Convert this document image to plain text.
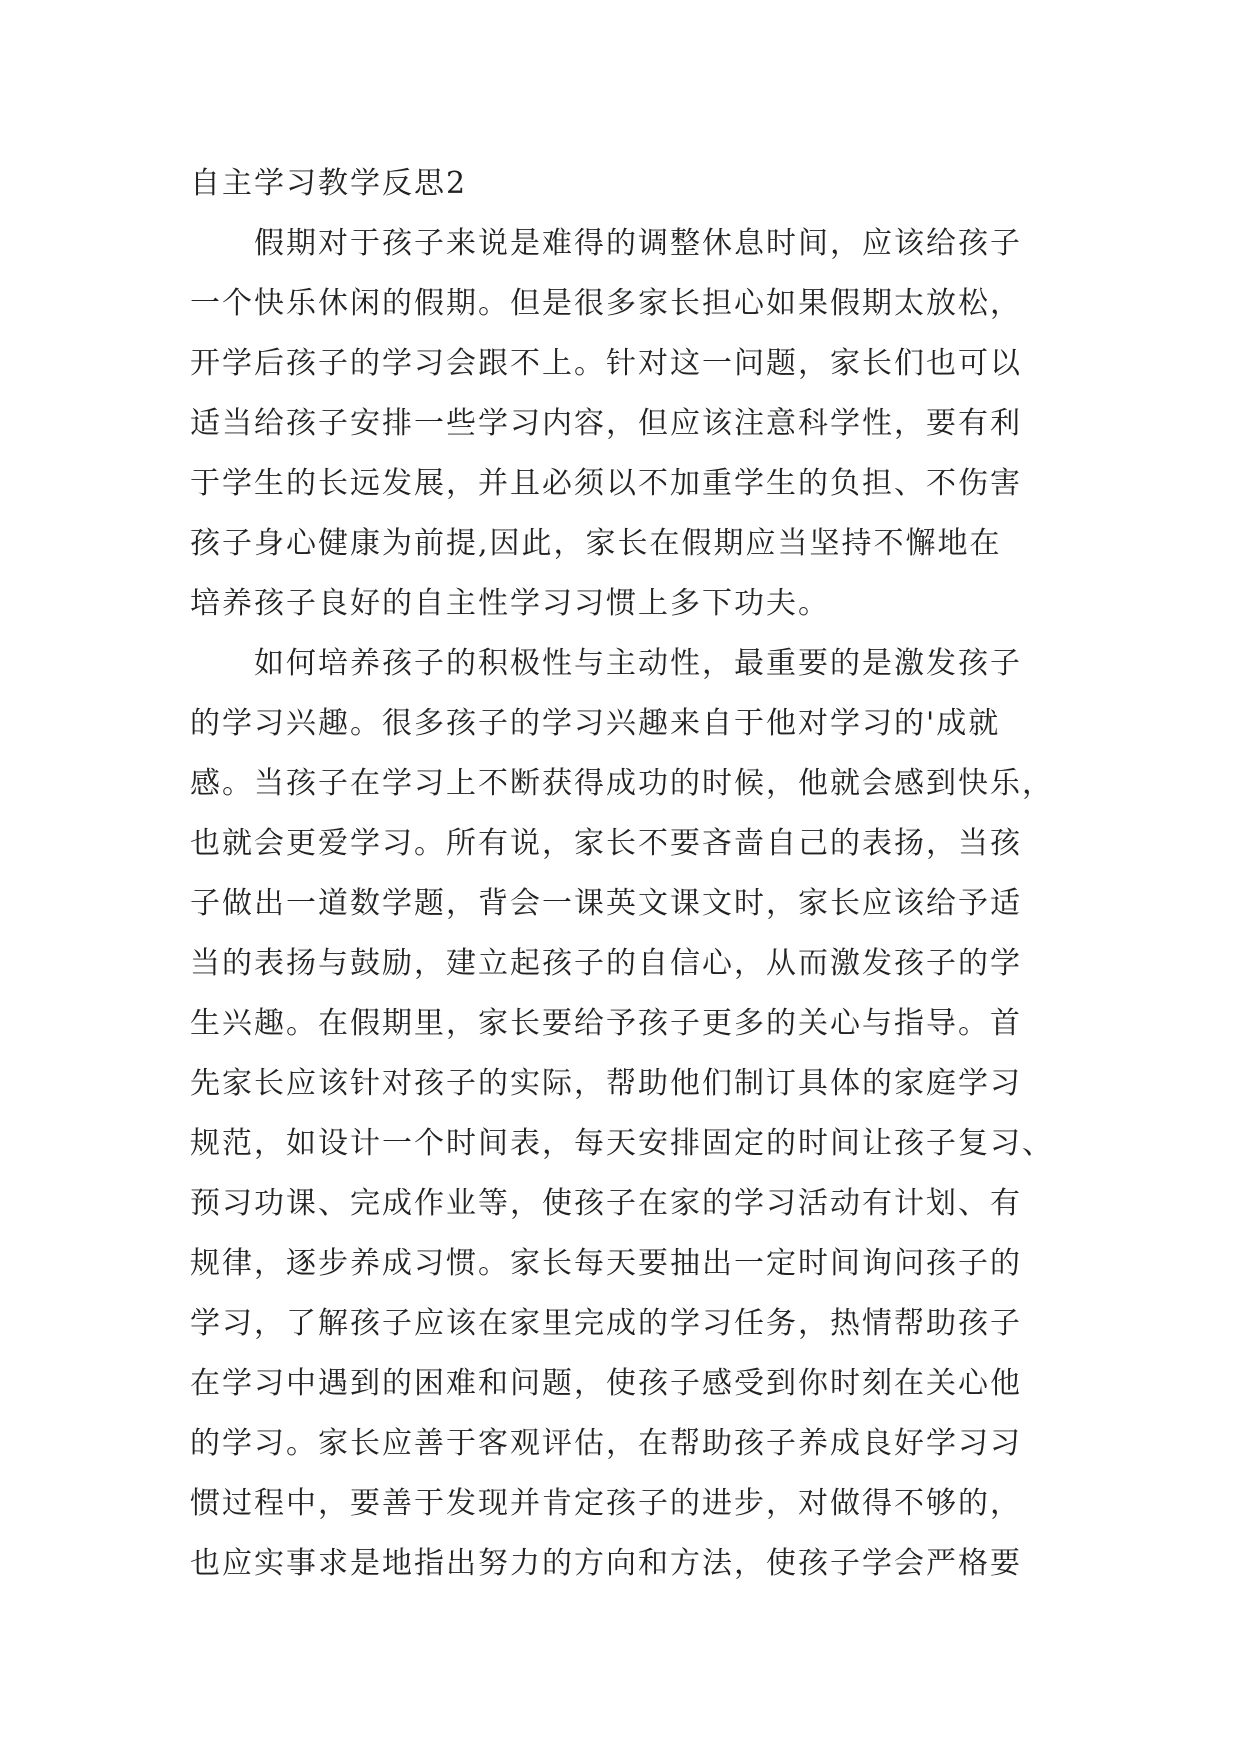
自主学习教学反思2
　　假期对于孩子来说是难得的调整休息时间，应该给孩子
一个快乐休闲的假期。但是很多家长担心如果假期太放松，
开学后孩子的学习会跟不上。针对这一问题，家长们也可以
适当给孩子安排一些学习内容，但应该注意科学性，要有利
于学生的长远发展，并且必须以不加重学生的负担、不伤害
孩子身心健康为前提,因此，家长在假期应当坚持不懈地在
培养孩子良好的自主性学习习惯上多下功夫。
　　如何培养孩子的积极性与主动性，最重要的是激发孩子
的学习兴趣。很多孩子的学习兴趣来自于他对学习的'成就
感。当孩子在学习上不断获得成功的时候，他就会感到快乐，
也就会更爱学习。所有说，家长不要吝啬自己的表扬，当孩
子做出一道数学题，背会一课英文课文时，家长应该给予适
当的表扬与鼓励，建立起孩子的自信心，从而激发孩子的学
生兴趣。在假期里，家长要给予孩子更多的关心与指导。首
先家长应该针对孩子的实际，帮助他们制订具体的家庭学习
规范，如设计一个时间表，每天安排固定的时间让孩子复习、
预习功课、完成作业等，使孩子在家的学习活动有计划、有
规律，逐步养成习惯。家长每天要抽出一定时间询问孩子的
学习，了解孩子应该在家里完成的学习任务，热情帮助孩子
在学习中遇到的困难和问题，使孩子感受到你时刻在关心他
的学习。家长应善于客观评估，在帮助孩子养成良好学习习
惯过程中，要善于发现并肯定孩子的进步，对做得不够的，
也应实事求是地指出努力的方向和方法，使孩子学会严格要
